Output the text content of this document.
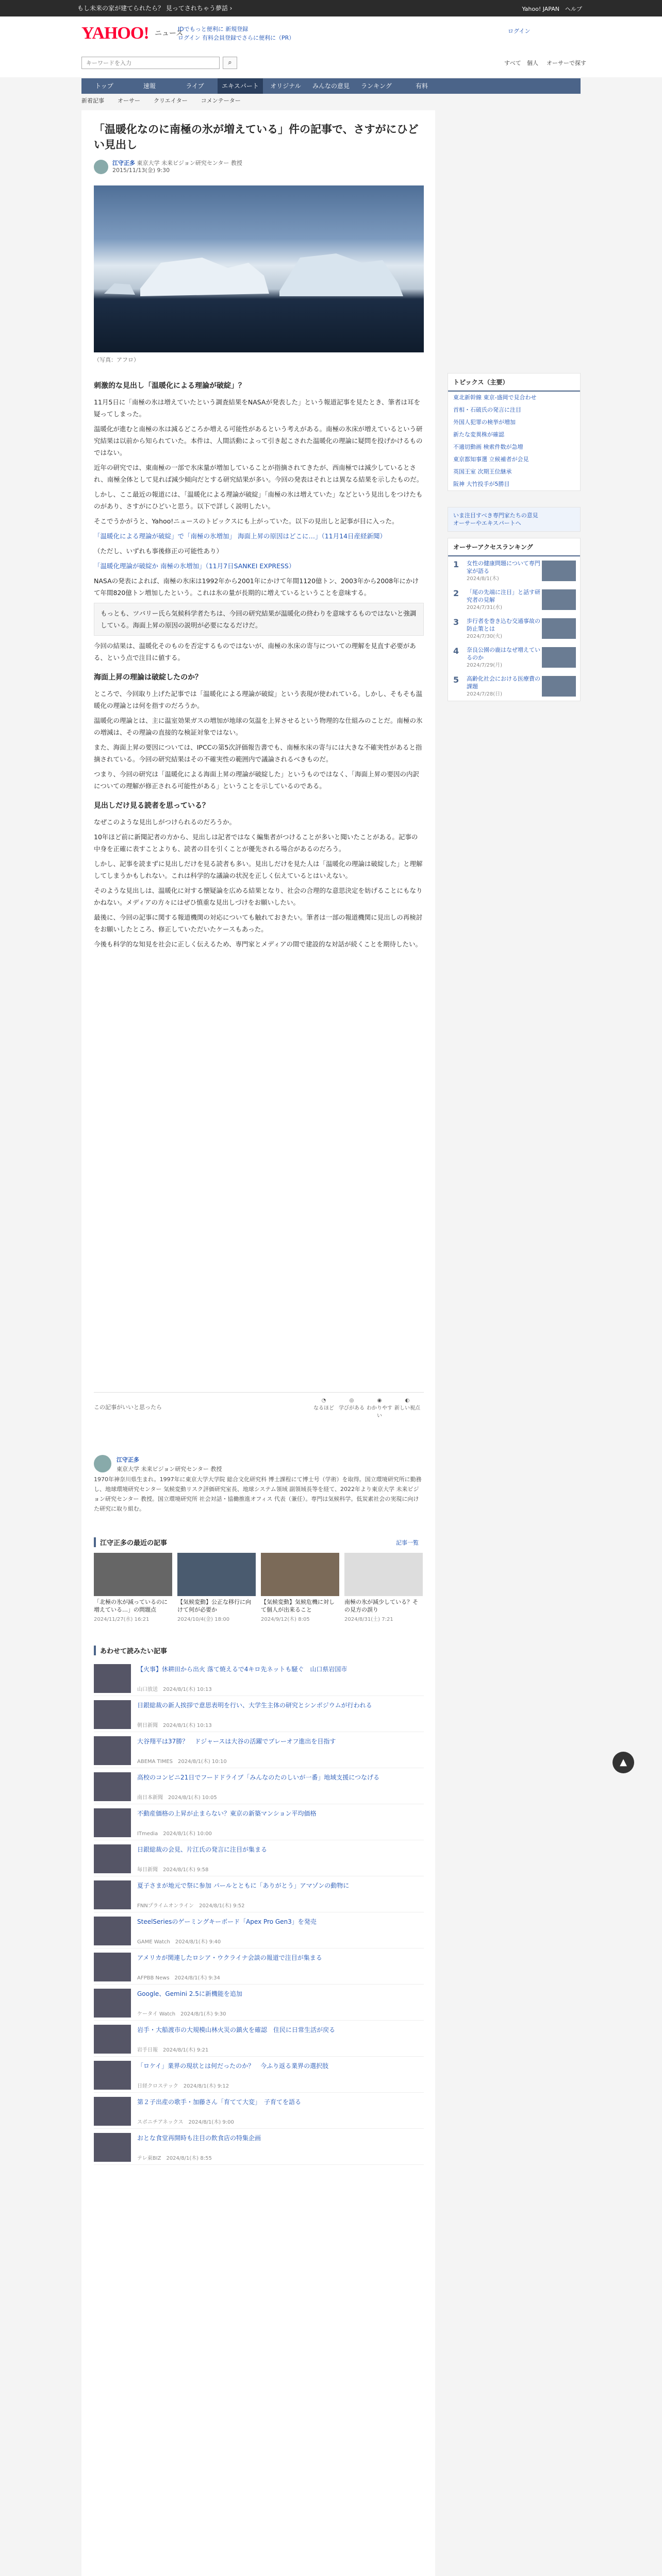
もし未来の家が建てられたら？ 見ってされちゃう夢話 ›	Yahoo! JAPAN　ヘルプ
YAHOO! ニュース
IDでもっと便利に 新規登録
ログイン 有料会員登録でさらに便利に（PR）
ログイン
キーワードを入力
⌕	すべて 個人 オーサーで探す
トップ	速報	ライブ	エキスパート オリジナル みんなの意見 ランキング	有料
新着記事 オーサー クリエイター コメンテーター
「温暖化なのに南極の氷が増えている」件の記事で、さすがにひどい見出し
江守正多 東京大学 未来ビジョン研究センター 教授
2015/11/13(金) 9:30
（写真：アフロ）
刺激的な見出し「温暖化による理論が破綻」？

11月5日に「南極の氷は増えていたという調査結果をNASAが発表した」という報道記事を見たとき、筆者は耳を疑ってしまった。

温暖化が進むと南極の氷は減るどころか増える可能性があるという考えがある。南極の氷床が増えているという研究結果は以前から知られていた。本件は、人間活動によって引き起こされた温暖化の理論に疑問を投げかけるものではない。

近年の研究では、東南極の一部で氷床量が増加していることが指摘されてきたが、西南極では減少しているとされ、南極全体として見れば減少傾向だとする研究結果が多い。今回の発表はそれとは異なる結果を示したものだ。

しかし、ここ最近の報道には、「温暖化による理論が破綻」「南極の氷は増えていた」などという見出しをつけたものがあり、さすがにひどいと思う。以下で詳しく説明したい。

そこでうかがうと、Yahoo!ニュースのトピックスにも上がっていた。以下の見出しと記事が目に入った。

「温暖化による理論が破綻」で「南極の氷増加」 海面上昇の原因はどこに…」（11月14日産経新聞）

（ただし、いずれも事後修正の可能性あり）

「温暖化理論が破綻か 南極の氷増加」（11月7日SANKEI EXPRESS）

NASAの発表によれば、南極の氷床は1992年から2001年にかけて年間1120億トン、2003年から2008年にかけて年間820億トン増加したという。これは氷の量が長期的に増えているということを意味する。

もっとも、ツバリー氏ら気候科学者たちは、今回の研究結果が温暖化の終わりを意味するものではないと強調している。海面上昇の原因の説明が必要になるだけだ。

今回の結果は、温暖化そのものを否定するものではないが、南極の氷床の寄与についての理解を見直す必要がある、という点で注目に値する。

海面上昇の理論は破綻したのか？

ところで、今回取り上げた記事では「温暖化による理論が破綻」という表現が使われている。しかし、そもそも温暖化の理論とは何を指すのだろうか。

温暖化の理論とは、主に温室効果ガスの増加が地球の気温を上昇させるという物理的な仕組みのことだ。南極の氷の増減は、その理論の直接的な検証対象ではない。

また、海面上昇の要因については、IPCCの第5次評価報告書でも、南極氷床の寄与には大きな不確実性があると指摘されている。今回の研究結果はその不確実性の範囲内で議論されるべきものだ。

つまり、今回の研究は「温暖化による海面上昇の理論が破綻した」というものではなく、「海面上昇の要因の内訳についての理解が修正される可能性がある」ということを示しているのである。

見出しだけ見る読者を思っている？

なぜこのような見出しがつけられるのだろうか。

10年ほど前に新聞記者の方から、見出しは記者ではなく編集者がつけることが多いと聞いたことがある。記事の中身を正確に表すことよりも、読者の目を引くことが優先される場合があるのだろう。

しかし、記事を読まずに見出しだけを見る読者も多い。見出しだけを見た人は「温暖化の理論は破綻した」と理解してしまうかもしれない。これは科学的な議論の状況を正しく伝えているとはいえない。

そのような見出しは、温暖化に対する懐疑論を広める結果となり、社会の合理的な意思決定を妨げることにもなりかねない。メディアの方々にはぜひ慎重な見出しづけをお願いしたい。

最後に、今回の記事に関する報道機関の対応についても触れておきたい。筆者は一部の報道機関に見出しの再検討をお願いしたところ、修正していただいたケースもあった。

今後も科学的な知見を社会に正しく伝えるため、専門家とメディアの間で建設的な対話が続くことを期待したい。

この記事がいいと思ったら
◔
なるほど
◎
学びがある
◉
わかりやすい
◐
新しい視点
江守正多
東京大学 未来ビジョン研究センター 教授

1970年神奈川県生まれ。1997年に東京大学大学院 総合文化研究科 博士課程にて博士号（学術）を取得。国立環境研究所に勤務し、地球環境研究センター 気候変動リスク評価研究室長、地球システム領域 副領域長等を経て、2022年より東京大学 未来ビジョン研究センター 教授。国立環境研究所 社会対話・協働推進オフィス 代表（兼任）。専門は気候科学。低炭素社会の実現に向けた研究に取り組む。

江守正多の最近の記事	記事一覧
「北極の氷が減っているのに増えている…」の問題点
2024/11/27(水) 16:21
【気候変動】公正な移行に向けて何が必要か
2024/10/4(金) 18:00
【気候変動】気候危機に対して個人が出来ること
2024/9/12(木) 8:05
南極の氷が減少している？その見方の誤り
2024/8/31(土) 7:21
あわせて読みたい記事
【火事】休耕田から出火 落て焼えるで4キロ先ネットも騒ぐ　山口県岩国市
山口放送　2024/8/1(木) 10:13
日銀総裁の新人挨拶で意思表明を行い、大学生主体の研究とシンポジウムが行われる
朝日新聞　2024/8/1(木) 10:13
大谷翔平は37勝？　ドジャースは大谷の活躍でプレーオフ進出を目指す
ABEMA TIMES　2024/8/1(木) 10:10
高校のコンビニ21日でフードドライブ「みんなのたのしいが一番」地域支援につなげる
南日本新聞　2024/8/1(木) 10:05
不動産価格の上昇が止まらない？東京の新築マンション平均価格
ITmedia　2024/8/1(木) 10:00
日銀総裁の会見、片江氏の発言に注目が集まる
毎日新聞　2024/8/1(木) 9:58
夏子さまが地元で祭に参加 パールとともに「ありがとう」アマゾンの動物に
FNNプライムオンライン　2024/8/1(木) 9:52
SteelSeriesのゲーミングキーボード「Apex Pro Gen3」を発売
GAME Watch　2024/8/1(木) 9:40
アメリカが関連したロシア・ウクライナ会談の報道で注目が集まる
AFPBB News　2024/8/1(木) 9:34
Google、Gemini 2.5に新機能を追加
ケータイ Watch　2024/8/1(木) 9:30
岩手・大船渡市の大規模山林火災の鎮火を確認　住民に日常生活が戻る
岩手日報　2024/8/1(木) 9:21
「ロケイ」業界の現状とは何だったのか？　今ふり返る業界の選択肢
日経クロステック　2024/8/1(木) 9:12
第２子出産の歌手・加藤さん「育てて大変」　子育てを語る
スポニチアネックス　2024/8/1(木) 9:00
おとな食堂再開時も注目の飲食店の特集企画
テレ東BIZ　2024/8/1(木) 8:55
トピックス（主要）
東北新幹線 東京-盛岡で見合わせ
首相・石破氏の発言に注目
外国人犯罪の検挙が増加
新たな変異株が確認
不適切動画 検索件数が急増
東京都知事選 立候補者が会見
英国王室 次期王位継承
阪神 大竹投手が5勝目
いま注目すべき専門家たちの意見
オーサーやエキスパートへ
オーサーアクセスランキング
1 女性の健康問題について専門家が語る
2024/8/1(木)
2 「尾の先端に注目」と話す研究者の見解
2024/7/31(水)
3 歩行者を巻き込む交通事故の防止策とは
2024/7/30(火)
4 奈良公園の鹿はなぜ増えているのか
2024/7/29(月)
5 高齢化社会における医療費の課題
2024/7/28(日)
▲
